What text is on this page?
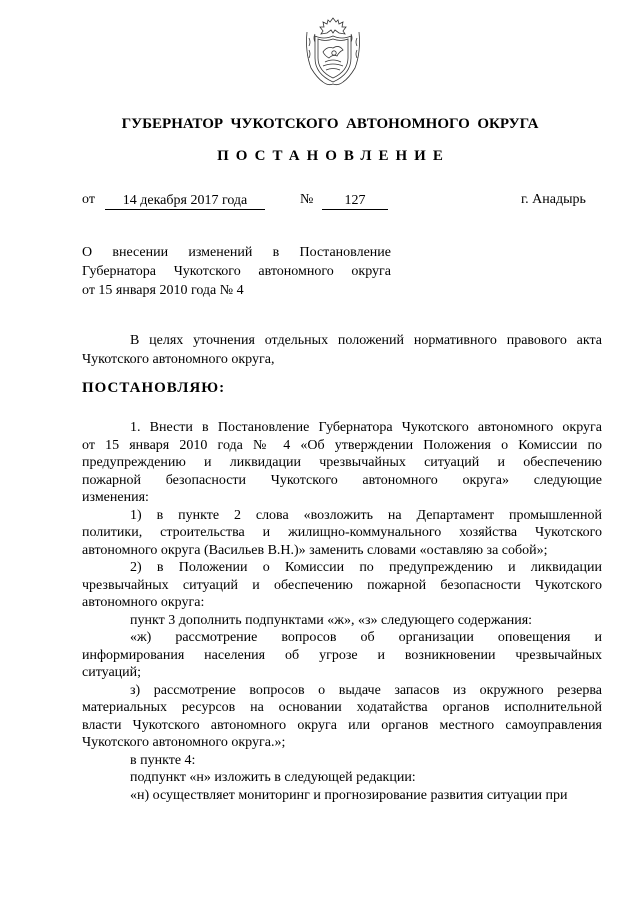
ГУБЕРНАТОР  ЧУКОТСКОГО  АВТОНОМНОГО  ОКРУГА
ПОСТАНОВЛЕНИЕ
от	14 декабря 2017 года	№	127	г. Анадырь
О внесении изменений в Постановление
Губернатора Чукотского автономного округа
от 15 января 2010 года № 4
В целях уточнения отдельных положений нормативного правового акта
Чукотского автономного округа,
ПОСТАНОВЛЯЮ:
1. Внести в Постановление Губернатора Чукотского автономного округа
от 15 января 2010 года № 4 «Об утверждении Положения о Комиссии по
предупреждению и ликвидации чрезвычайных ситуаций и обеспечению
пожарной безопасности Чукотского автономного округа» следующие
изменения:
1) в пункте 2 слова «возложить на Департамент промышленной
политики, строительства и жилищно-коммунального хозяйства Чукотского
автономного округа (Васильев В.Н.)» заменить словами «оставляю за собой»;
2) в Положении о Комиссии по предупреждению и ликвидации
чрезвычайных ситуаций и обеспечению пожарной безопасности Чукотского
автономного округа:
пункт 3 дополнить подпунктами «ж», «з» следующего содержания:
«ж) рассмотрение вопросов об организации оповещения и
информирования населения об угрозе и возникновении чрезвычайных
ситуаций;
з) рассмотрение вопросов о выдаче запасов из окружного резерва
материальных ресурсов на основании ходатайства органов исполнительной
власти Чукотского автономного округа или органов местного самоуправления
Чукотского автономного округа.»;
в пункте 4:
подпункт «н» изложить в следующей редакции:
«н) осуществляет мониторинг и прогнозирование развития ситуации при
